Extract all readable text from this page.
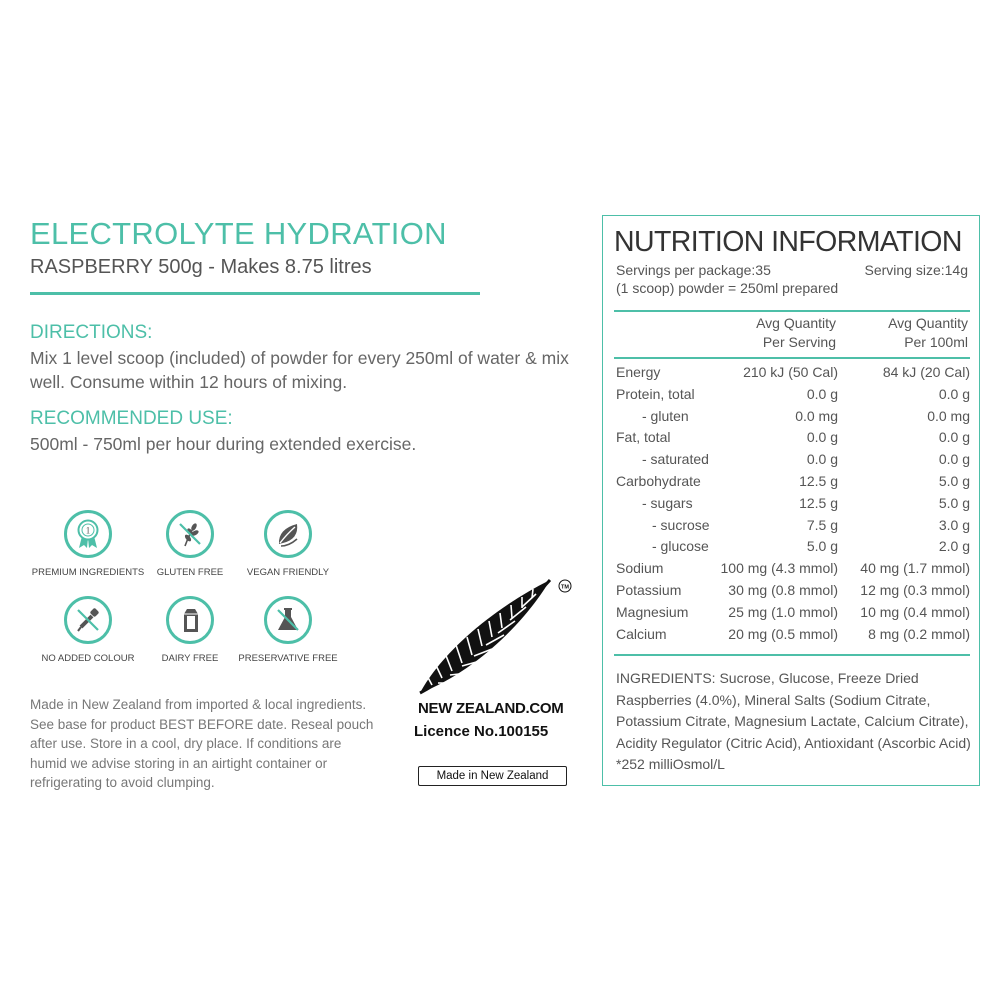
ELECTROLYTE HYDRATION
RASPBERRY 500g - Makes 8.75 litres
DIRECTIONS:
Mix 1 level scoop (included) of powder for every 250ml of water & mix well. Consume within 12 hours of mixing.
RECOMMENDED USE:
500ml - 750ml per hour during extended exercise.
1
PREMIUM INGREDIENTS	GLUTEN FREE	VEGAN FRIENDLY
NO ADDED COLOUR	DAIRY FREE	PRESERVATIVE FREE
Made in New Zealand from imported & local ingredients. See base for product BEST BEFORE date. Reseal pouch after use. Store in a cool, dry place. If conditions are humid we advise storing in an airtight container or refrigerating to avoid clumping.
TM
NEW ZEALAND.COM
Licence No.100155
Made in New Zealand
NUTRITION INFORMATION
Servings per package:35	Serving size:14g
(1 scoop) powder = 250ml prepared
Avg Quantity
Per Serving
Avg Quantity
Per 100ml
Energy	210 kJ (50 Cal)	84 kJ (20 Cal)
Protein, total	0.0 g	0.0 g
- gluten	0.0 mg	0.0 mg
Fat, total	0.0 g	0.0 g
- saturated	0.0 g	0.0 g
Carbohydrate	12.5 g	5.0 g
- sugars	12.5 g	5.0 g
- sucrose	7.5 g	3.0 g
- glucose	5.0 g	2.0 g
Sodium	100 mg (4.3 mmol) 40 mg (1.7 mmol)
Potassium	30 mg (0.8 mmol) 12 mg (0.3 mmol)
Magnesium	25 mg (1.0 mmol) 10 mg (0.4 mmol)
Calcium	20 mg (0.5 mmol) 8 mg (0.2 mmol)
INGREDIENTS: Sucrose, Glucose, Freeze Dried Raspberries (4.0%), Mineral Salts (Sodium Citrate, Potassium Citrate, Magnesium Lactate, Calcium Citrate), Acidity Regulator (Citric Acid), Antioxidant (Ascorbic Acid) *252 milliOsmol/L
